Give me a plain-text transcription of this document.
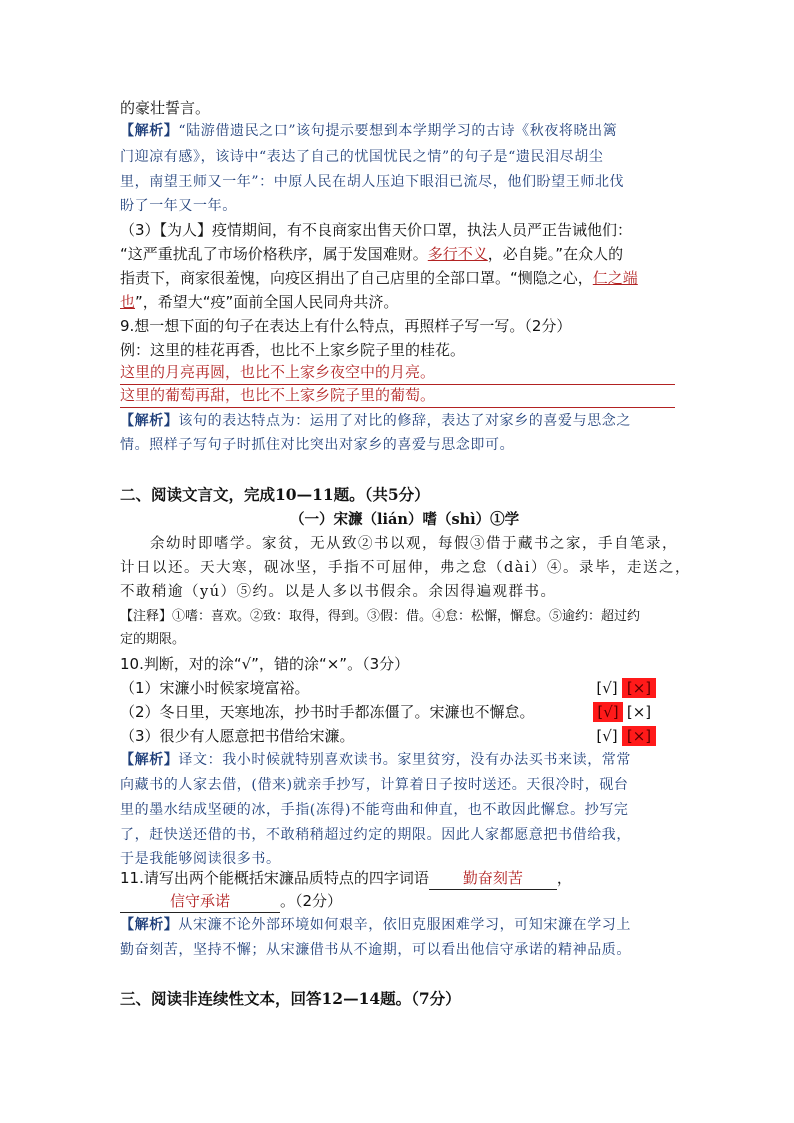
的豪壮誓言。
【解析】“陆游借遗民之口”该句提示要想到本学期学习的古诗《秋夜将晓出篱
门迎凉有感》，该诗中“表达了自己的忧国忧民之情”的句子是“遗民泪尽胡尘
里，南望王师又一年”：中原人民在胡人压迫下眼泪已流尽，他们盼望王师北伐
盼了一年又一年。
（3）【为人】疫情期间，有不良商家出售天价口罩，执法人员严正告诫他们：
“这严重扰乱了市场价格秩序，属于发国难财。多行不义，必自毙。”在众人的
指责下，商家很羞愧，向疫区捐出了自己店里的全部口罩。“恻隐之心，仁之端
也”，希望大“疫”面前全国人民同舟共济。
9.想一想下面的句子在表达上有什么特点，再照样子写一写。（2分）
例：这里的桂花再香，也比不上家乡院子里的桂花。
这里的月亮再圆，也比不上家乡夜空中的月亮。
这里的葡萄再甜，也比不上家乡院子里的葡萄。
【解析】该句的表达特点为：运用了对比的修辞，表达了对家乡的喜爱与思念之
情。照样子写句子时抓住对比突出对家乡的喜爱与思念即可。
二、阅读文言文，完成10—11题。（共5分）
（一）宋濂（lián）嗜（shì）①学
余幼时即嗜学。家贫，无从致②书以观，每假③借于藏书之家，手自笔录，
计日以还。天大寒，砚冰坚，手指不可屈伸，弗之怠（dài）④。录毕，走送之，
不敢稍逾（yú）⑤约。以是人多以书假余。余因得遍观群书。
【注释】①嗜：喜欢。②致：取得，得到。③假：借。④怠：松懈，懈怠。⑤逾约：超过约
定的期限。
10.判断，对的涂“√”，错的涂“×”。（3分）
（1）宋濂小时候家境富裕。	[√] [×]
（2）冬日里，天寒地冻，抄书时手都冻僵了。宋濂也不懈怠。	[√] [×]
（3）很少有人愿意把书借给宋濂。	[√] [×]
【解析】译文：我小时候就特别喜欢读书。家里贫穷，没有办法买书来读，常常
向藏书的人家去借，(借来)就亲手抄写，计算着日子按时送还。天很冷时，砚台
里的墨水结成坚硬的冰，手指(冻得)不能弯曲和伸直，也不敢因此懈怠。抄写完
了，赶快送还借的书，不敢稍稍超过约定的期限。因此人家都愿意把书借给我，
于是我能够阅读很多书。
11.请写出两个能概括宋濂品质特点的四字词语 勤奋刻苦 ，
信守承诺	。（2分）
【解析】从宋濂不论外部环境如何艰辛，依旧克服困难学习，可知宋濂在学习上
勤奋刻苦，坚持不懈；从宋濂借书从不逾期，可以看出他信守承诺的精神品质。
三、阅读非连续性文本，回答12—14题。（7分）
